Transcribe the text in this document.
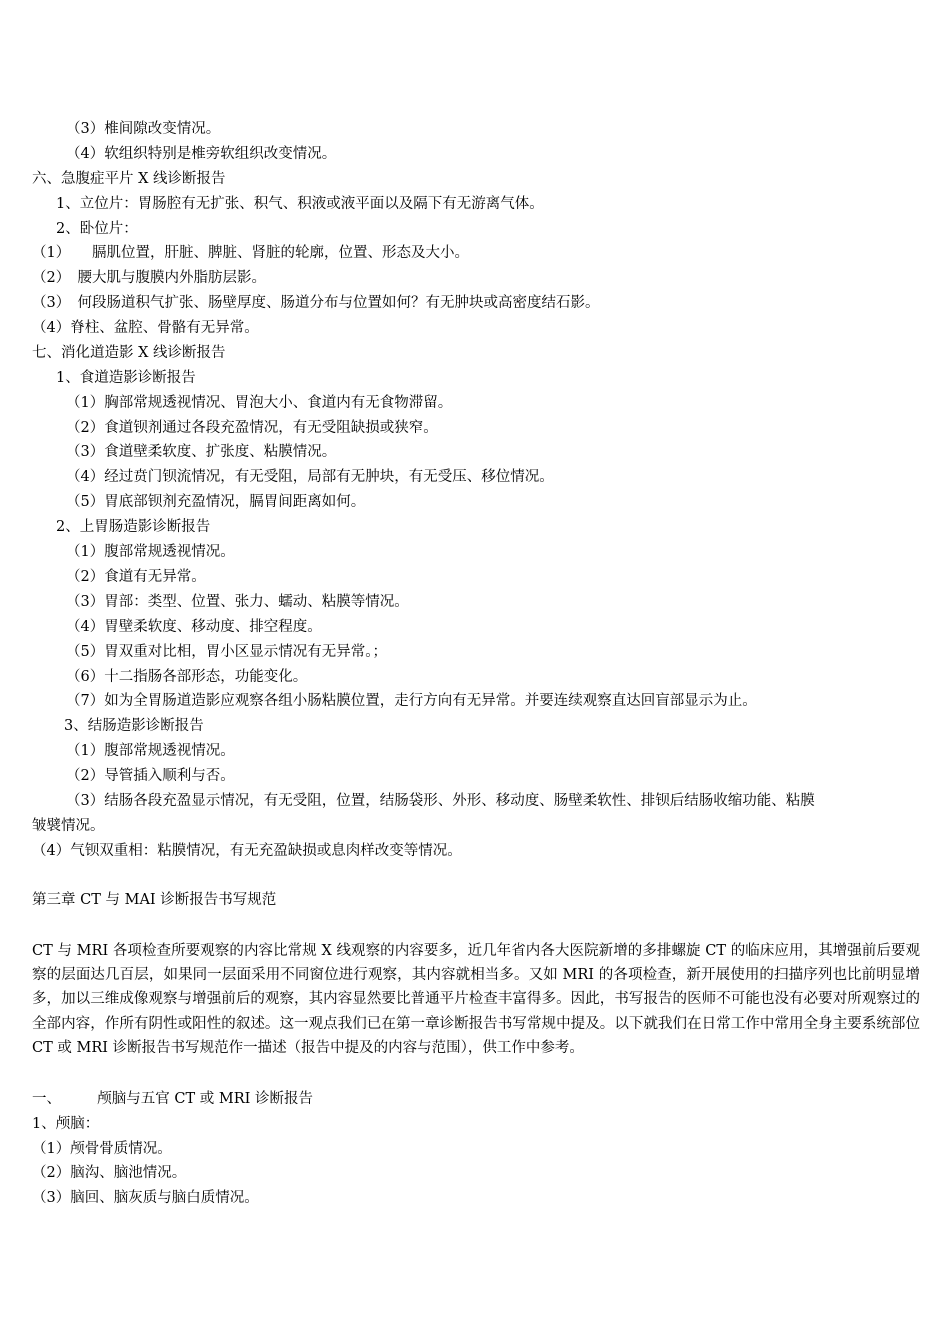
（3）椎间隙改变情况。
（4）软组织特别是椎旁软组织改变情况。
六、急腹症平片 X 线诊断报告
1、立位片：胃肠腔有无扩张、积气、积液或液平面以及隔下有无游离气体。
2、卧位片：
（1）　　膈肌位置，肝脏、脾脏、肾脏的轮廓，位置、形态及大小。
（2）　腰大肌与腹膜内外脂肪层影。
（3）　何段肠道积气扩张、肠壁厚度、肠道分布与位置如何？有无肿块或高密度结石影。
（4）脊柱、盆腔、骨骼有无异常。
七、消化道造影 X 线诊断报告
1、食道造影诊断报告
（1）胸部常规透视情况、胃泡大小、食道内有无食物滞留。
（2）食道钡剂通过各段充盈情况，有无受阻缺损或狭窄。
（3）食道壁柔软度、扩张度、粘膜情况。
（4）经过贲门钡流情况，有无受阻，局部有无肿块，有无受压、移位情况。
（5）胃底部钡剂充盈情况，膈胃间距离如何。
2、上胃肠造影诊断报告
（1）腹部常规透视情况。
（2）食道有无异常。
（3）胃部：类型、位置、张力、蠕动、粘膜等情况。
（4）胃壁柔软度、移动度、排空程度。
（5）胃双重对比相，胃小区显示情况有无异常。；
（6）十二指肠各部形态，功能变化。
（7）如为全胃肠道造影应观察各组小肠粘膜位置，走行方向有无异常。并要连续观察直达回盲部显示为止。
3、结肠造影诊断报告
（1）腹部常规透视情况。
（2）导管插入顺利与否。
（3）结肠各段充盈显示情况，有无受阻，位置，结肠袋形、外形、移动度、肠壁柔软性、排钡后结肠收缩功能、粘膜
皱襞情况。
（4）气钡双重相：粘膜情况，有无充盈缺损或息肉样改变等情况。
第三章 CT 与 MAI 诊断报告书写规范
CT 与 MRI 各项检查所要观察的内容比常规 X 线观察的内容要多，近几年省内各大医院新增的多排螺旋 CT 的临床应用，其增强前后要观察的层面达几百层，如果同一层面采用不同窗位进行观察，其内容就相当多。又如 MRI 的各项检查，新开展使用的扫描序列也比前明显增多，加以三维成像观察与增强前后的观察，其内容显然要比普通平片检查丰富得多。因此，书写报告的医师不可能也没有必要对所观察过的全部内容，作所有阴性或阳性的叙述。这一观点我们已在第一章诊断报告书写常规中提及。以下就我们在日常工作中常用全身主要系统部位 CT 或 MRI 诊断报告书写规范作一描述（报告中提及的内容与范围），供工作中参考。
一、　　　颅脑与五官 CT 或 MRI 诊断报告
1、颅脑：
（1）颅骨骨质情况。
（2）脑沟、脑池情况。
（3）脑回、脑灰质与脑白质情况。
